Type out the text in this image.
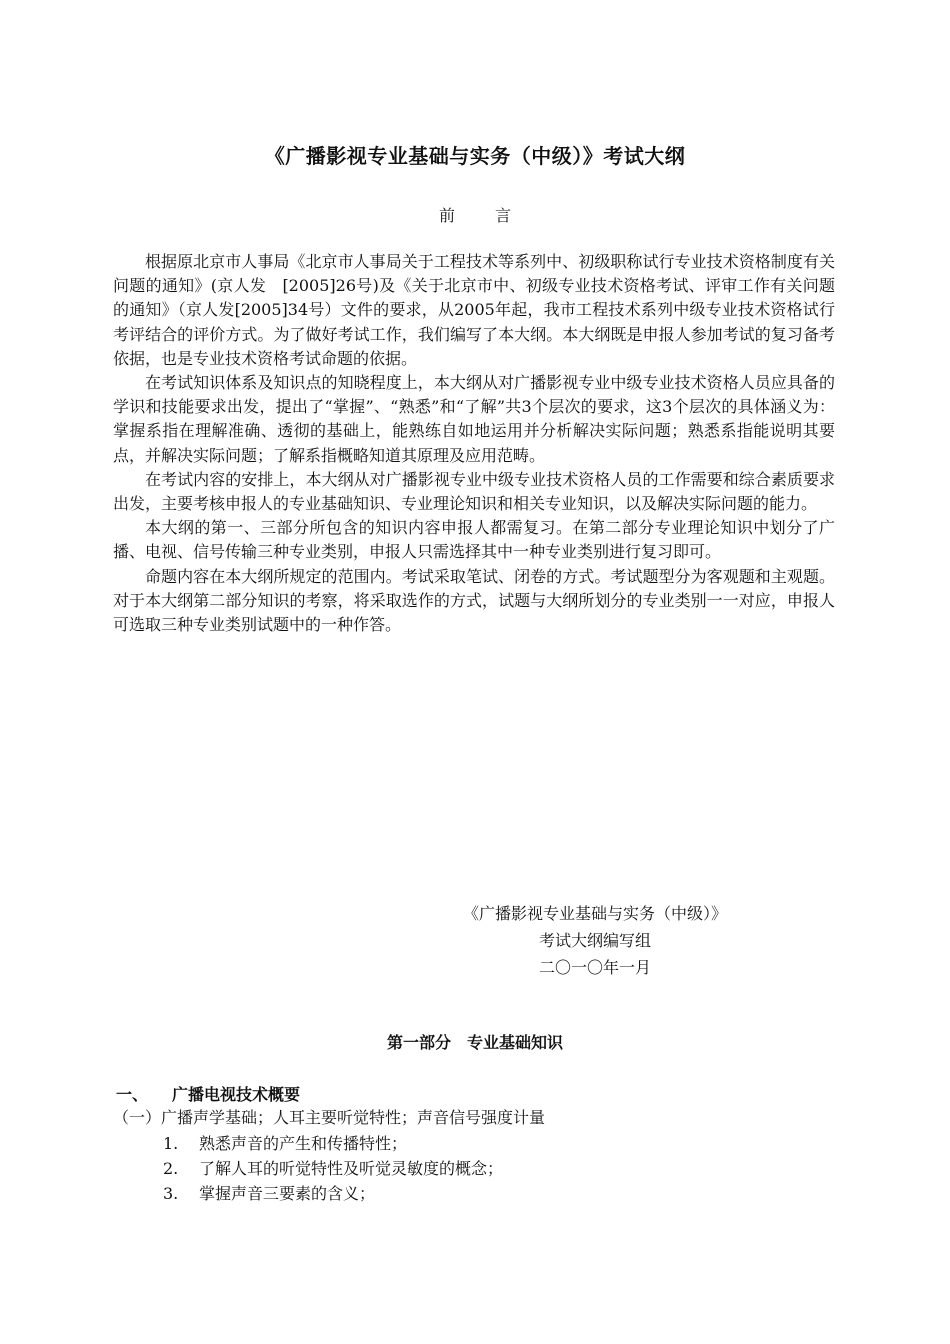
《广播影视专业基础与实务（中级）》考试大纲
前言

根据原北京市人事局《北京市人事局关于工程技术等系列中、初级职称试行专业技术资格制度有关问题的通知》(京人发　[2005]26号)及《关于北京市中、初级专业技术资格考试、评审工作有关问题的通知》（京人发[2005]34号）文件的要求，从2005年起，我市工程技术系列中级专业技术资格试行考评结合的评价方式。为了做好考试工作，我们编写了本大纲。本大纲既是申报人参加考试的复习备考依据，也是专业技术资格考试命题的依据。

在考试知识体系及知识点的知晓程度上，本大纲从对广播影视专业中级专业技术资格人员应具备的学识和技能要求出发，提出了“掌握”、“熟悉”和“了解”共3个层次的要求，这3个层次的具体涵义为：掌握系指在理解准确、透彻的基础上，能熟练自如地运用并分析解决实际问题；熟悉系指能说明其要点，并解决实际问题；了解系指概略知道其原理及应用范畴。

在考试内容的安排上，本大纲从对广播影视专业中级专业技术资格人员的工作需要和综合素质要求出发，主要考核申报人的专业基础知识、专业理论知识和相关专业知识，以及解决实际问题的能力。

本大纲的第一、三部分所包含的知识内容申报人都需复习。在第二部分专业理论知识中划分了广播、电视、信号传输三种专业类别，申报人只需选择其中一种专业类别进行复习即可。

命题内容在本大纲所规定的范围内。考试采取笔试、闭卷的方式。考试题型分为客观题和主观题。对于本大纲第二部分知识的考察，将采取选作的方式，试题与大纲所划分的专业类别一一对应，申报人可选取三种专业类别试题中的一种作答。

《广播影视专业基础与实务（中级）》
考试大纲编写组
二〇一〇年一月
第一部分 专业基础知识
一、 广播电视技术概要
（一）广播声学基础；人耳主要听觉特性；声音信号强度计量
1. 熟悉声音的产生和传播特性；
2. 了解人耳的听觉特性及听觉灵敏度的概念；
3. 掌握声音三要素的含义；
